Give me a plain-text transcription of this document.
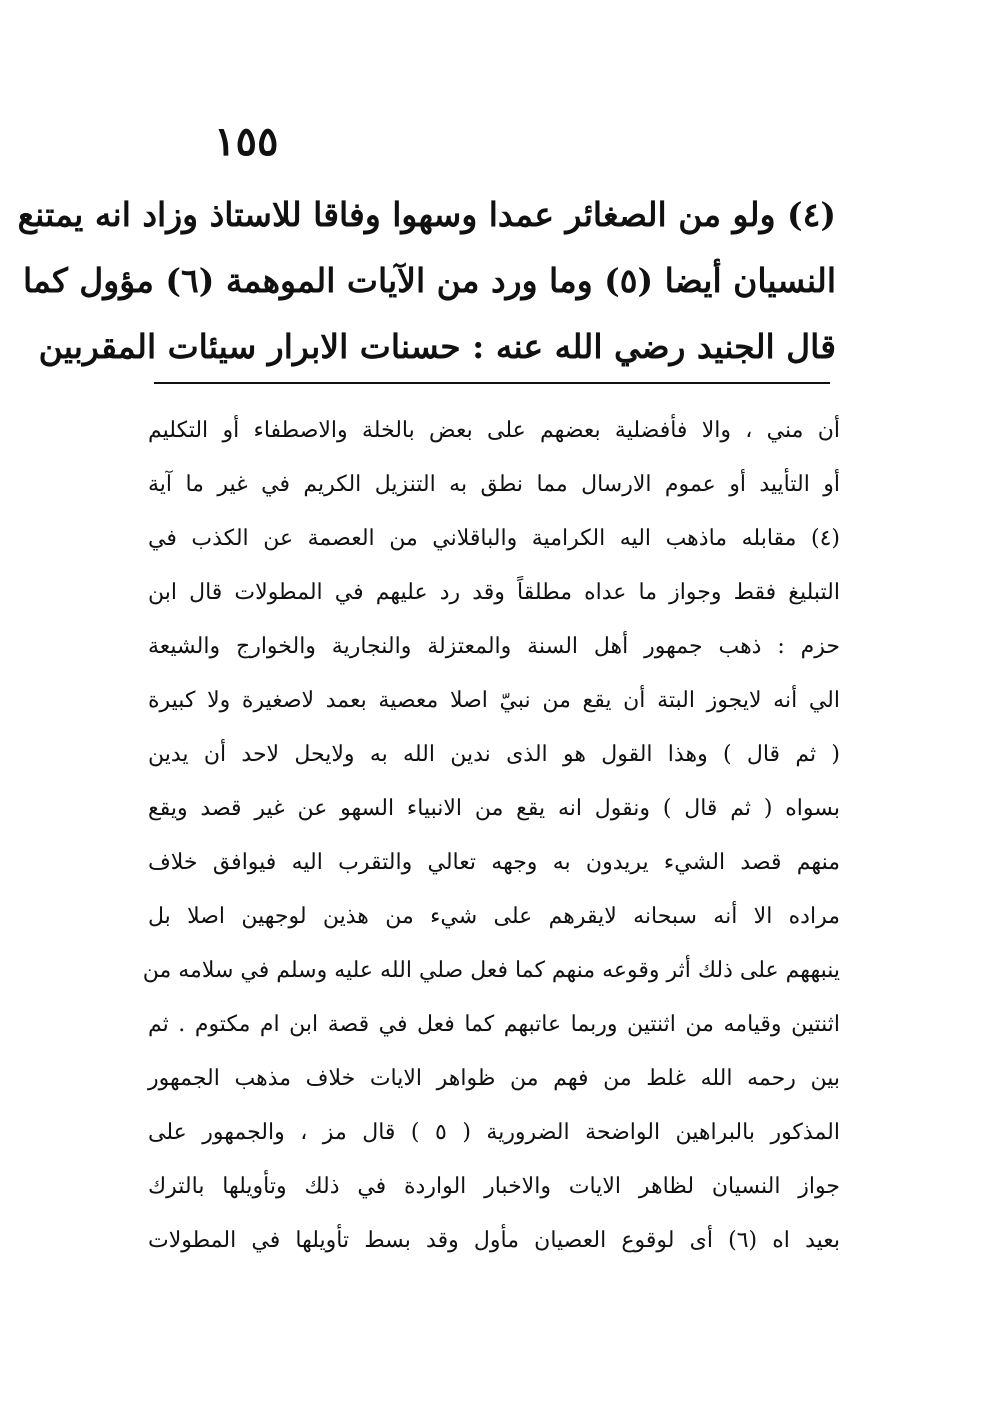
١٥٥
(٤) ولو من الصغائر عمدا وسهوا وفاقا للاستاذ وزاد انه يمتنع
النسيان أيضا (٥) وما ورد من الآيات الموهمة (٦) مؤول كما
قال الجنيد رضي الله عنه : حسنات الابرار سيئات المقربين
أن مني ، والا فأفضلية بعضهم على بعض بالخلة والاصطفاء أو التكليم
أو التأييد أو عموم الارسال مما نطق به التنزيل الكريم في غير ما آية
(٤) مقابله ماذهب اليه الكرامية والباقلاني من العصمة عن الكذب في
التبليغ فقط وجواز ما عداه مطلقاً وقد رد عليهم في المطولات قال ابن
حزم : ذهب جمهور أهل السنة والمعتزلة والنجارية والخوارج والشيعة
الي أنه لايجوز البتة أن يقع من نبيّ اصلا معصية بعمد لاصغيرة ولا كبيرة
( ثم قال ) وهذا القول هو الذى ندين الله به ولايحل لاحد أن يدين
بسواه ( ثم قال ) ونقول انه يقع من الانبياء السهو عن غير قصد ويقع
منهم قصد الشيء يريدون به وجهه تعالي والتقرب اليه فيوافق خلاف
مراده الا أنه سبحانه لايقرهم على شيء من هذين لوجهين اصلا بل
ينبههم على ذلك أثر وقوعه منهم كما فعل صلي الله عليه وسلم في سلامه من
اثنتين وقيامه من اثنتين وربما عاتبهم كما فعل في قصة ابن ام مكتوم . ثم
بين رحمه الله غلط من فهم من ظواهر الايات خلاف مذهب الجمهور
المذكور بالبراهين الواضحة الضرورية ( ٥ ) قال مز ، والجمهور على
جواز النسيان لظاهر الايات والاخبار الواردة في ذلك وتأويلها بالترك
بعيد اه (٦) أى لوقوع العصيان مأول وقد بسط تأويلها في المطولات
